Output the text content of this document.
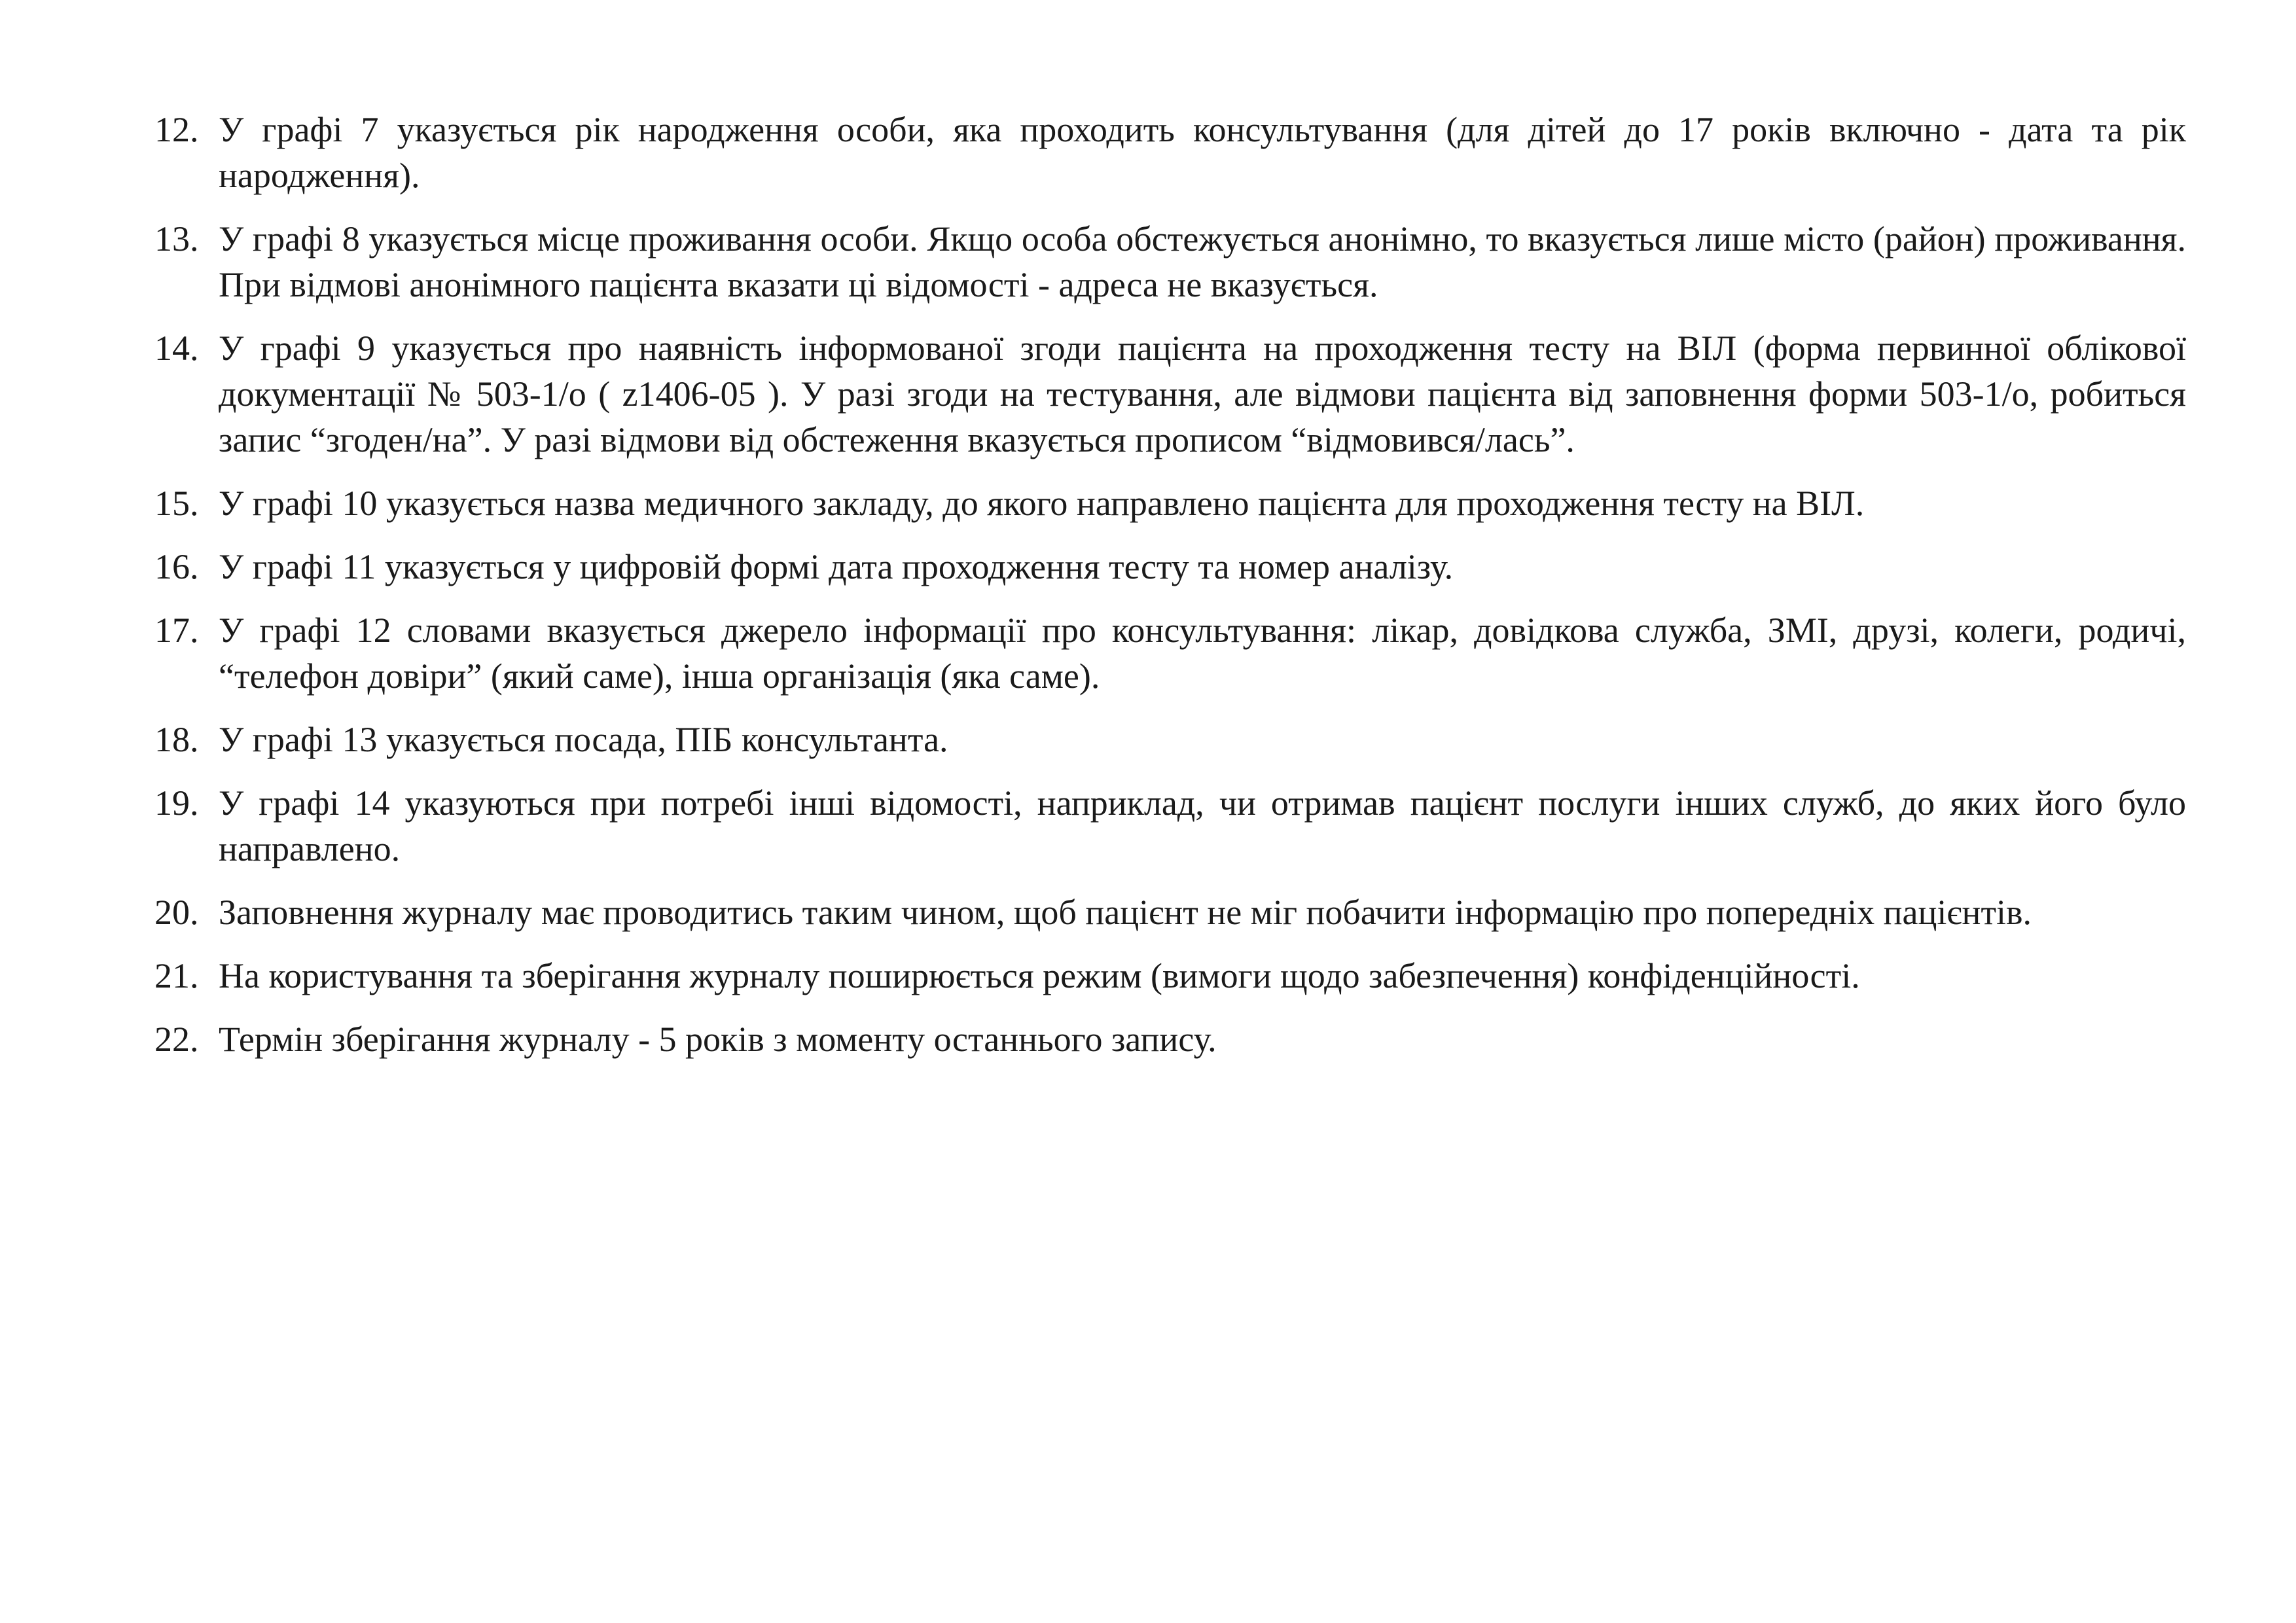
12. У графі 7 указується рік народження особи, яка проходить консультування (для дітей до 17 років включно - дата та рік народження).
13. У графі 8 указується місце проживання особи. Якщо особа обстежується анонімно, то вказується лише місто (район) проживання. При відмові анонімного пацієнта вказати ці відомості - адреса не вказується.
14. У графі 9 указується про наявність інформованої згоди пацієнта на проходження тесту на ВІЛ (форма первинної облікової документації № 503-1/о ( z1406-05 ). У разі згоди на тестування, але відмови пацієнта від заповнення форми 503-1/о, робиться запис “згоден/на”. У разі відмови від обстеження вказується прописом “відмовився/лась”.
15. У графі 10 указується назва медичного закладу, до якого направлено пацієнта для проходження тесту на ВІЛ.
16. У графі 11 указується у цифровій формі дата проходження тесту та номер аналізу.
17. У графі 12 словами вказується джерело інформації про консультування: лікар, довідкова служба, ЗМІ, друзі, колеги, родичі, “телефон довіри” (який саме), інша організація (яка саме).
18. У графі 13 указується посада, ПІБ консультанта.
19. У графі 14 указуються при потребі інші відомості, наприклад, чи отримав пацієнт послуги інших служб, до яких його було направлено.
20. Заповнення журналу має проводитись таким чином, щоб пацієнт не міг побачити інформацію про попередніх пацієнтів.
21. На користування та зберігання журналу поширюється режим (вимоги щодо забезпечення) конфіденційності.
22. Термін зберігання журналу - 5 років з моменту останнього запису.
